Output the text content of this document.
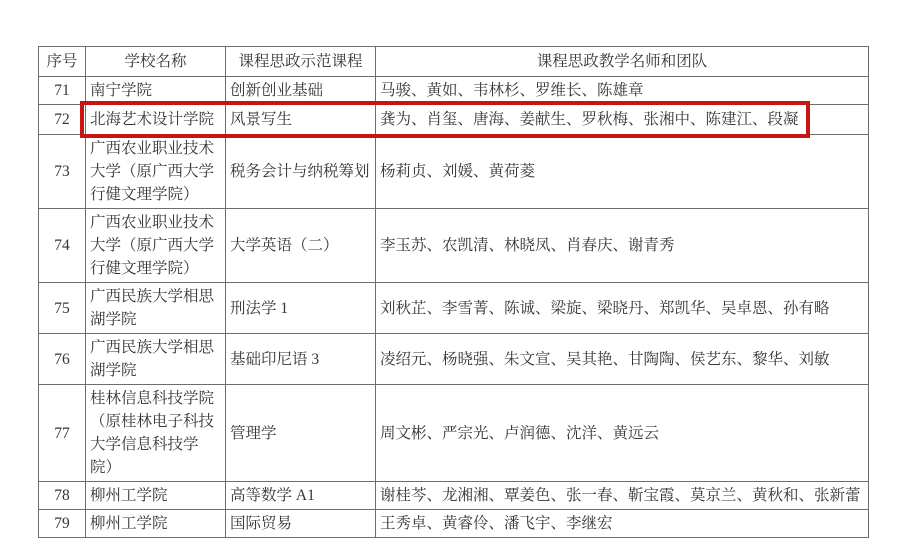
序号	学校名称	课程思政示范课程	课程思政教学名师和团队
71	南宁学院	创新创业基础	马骏、黄如、韦林杉、罗维长、陈雄章
72	北海艺术设计学院	风景写生	龚为、肖玺、唐海、姜献生、罗秋梅、张湘中、陈建江、段凝
73	广西农业职业技术大学（原广西大学行健文理学院）	税务会计与纳税筹划	杨莉贞、刘媛、黄荷菱
74	广西农业职业技术大学（原广西大学行健文理学院）	大学英语（二）	李玉苏、农凯清、林晓凤、肖春庆、谢青秀
75	广西民族大学相思湖学院	刑法学 1	刘秋芷、李雪菁、陈诚、梁旋、梁晓丹、郑凯华、吴卓恩、孙有略
76	广西民族大学相思湖学院	基础印尼语 3	凌绍元、杨晓强、朱文宣、吴其艳、甘陶陶、侯艺东、黎华、刘敏
77	桂林信息科技学院（原桂林电子科技大学信息科技学院）	管理学	周文彬、严宗光、卢润德、沈洋、黄远云
78	柳州工学院	高等数学 A1	谢桂芩、龙湘湘、覃姜色、张一春、靳宝霞、莫京兰、黄秋和、张新蕾
79	柳州工学院	国际贸易	王秀卓、黄睿伶、潘飞宇、李继宏
